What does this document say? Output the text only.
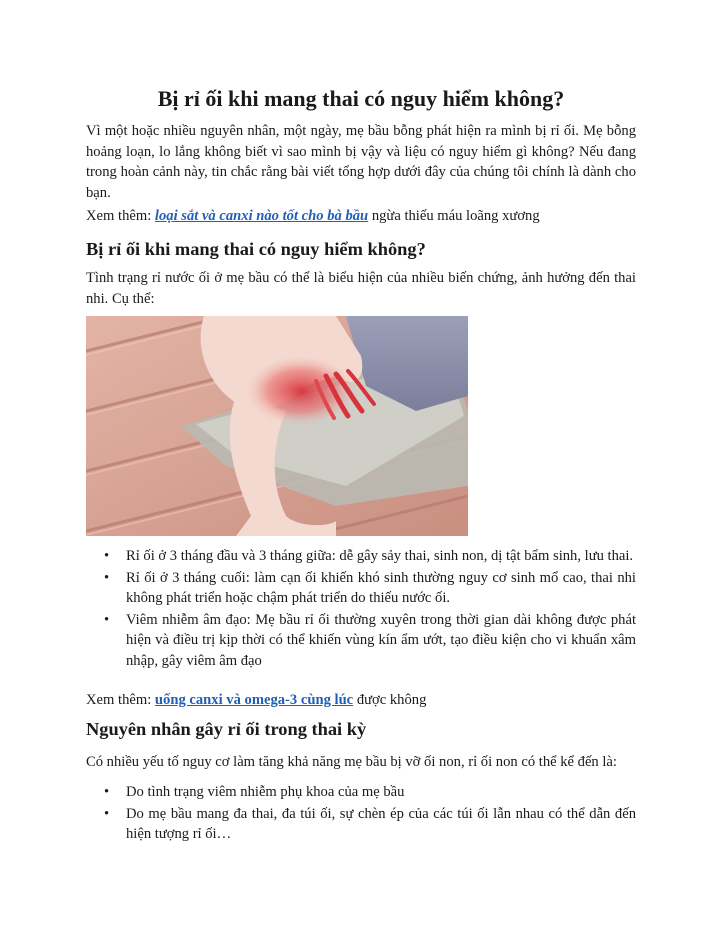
Bị rỉ ối khi mang thai có nguy hiểm không?

Vì một hoặc nhiều nguyên nhân, một ngày, mẹ bầu bỗng phát hiện ra mình bị rỉ ối. Mẹ bỗng hoảng loạn, lo lắng không biết vì sao mình bị vậy và liệu có nguy hiểm gì không? Nếu đang trong hoàn cảnh này, tin chắc rằng bài viết tổng hợp dưới đây của chúng tôi chính là dành cho bạn.

Xem thêm: loại sắt và canxi nào tốt cho bà bầu ngừa thiếu máu loãng xương

Bị rỉ ối khi mang thai có nguy hiểm không?

Tình trạng rỉ nước ối ở mẹ bầu có thể là biểu hiện của nhiều biến chứng, ảnh hưởng đến thai nhi. Cụ thể:

• Rỉ ối ở 3 tháng đầu và 3 tháng giữa: dễ gây sảy thai, sinh non, dị tật bẩm sinh, lưu thai.
• Rỉ ối ở 3 tháng cuối: làm cạn ối khiến khó sinh thường nguy cơ sinh mổ cao, thai nhi không phát triển hoặc chậm phát triển do thiếu nước ối.
• Viêm nhiễm âm đạo: Mẹ bầu rỉ ối thường xuyên trong thời gian dài không được phát hiện và điều trị kịp thời có thể khiến vùng kín ẩm ướt, tạo điều kiện cho vi khuẩn xâm nhập, gây viêm âm đạo

Xem thêm: uống canxi và omega-3 cùng lúc được không

Nguyên nhân gây rỉ ối trong thai kỳ

Có nhiều yếu tố nguy cơ làm tăng khả năng mẹ bầu bị vỡ ối non, rỉ ối non có thể kể đến là:

• Do tình trạng viêm nhiễm phụ khoa của mẹ bầu
• Do mẹ bầu mang đa thai, đa túi ối, sự chèn ép của các túi ối lẫn nhau có thể dẫn đến hiện tượng rỉ ối…
